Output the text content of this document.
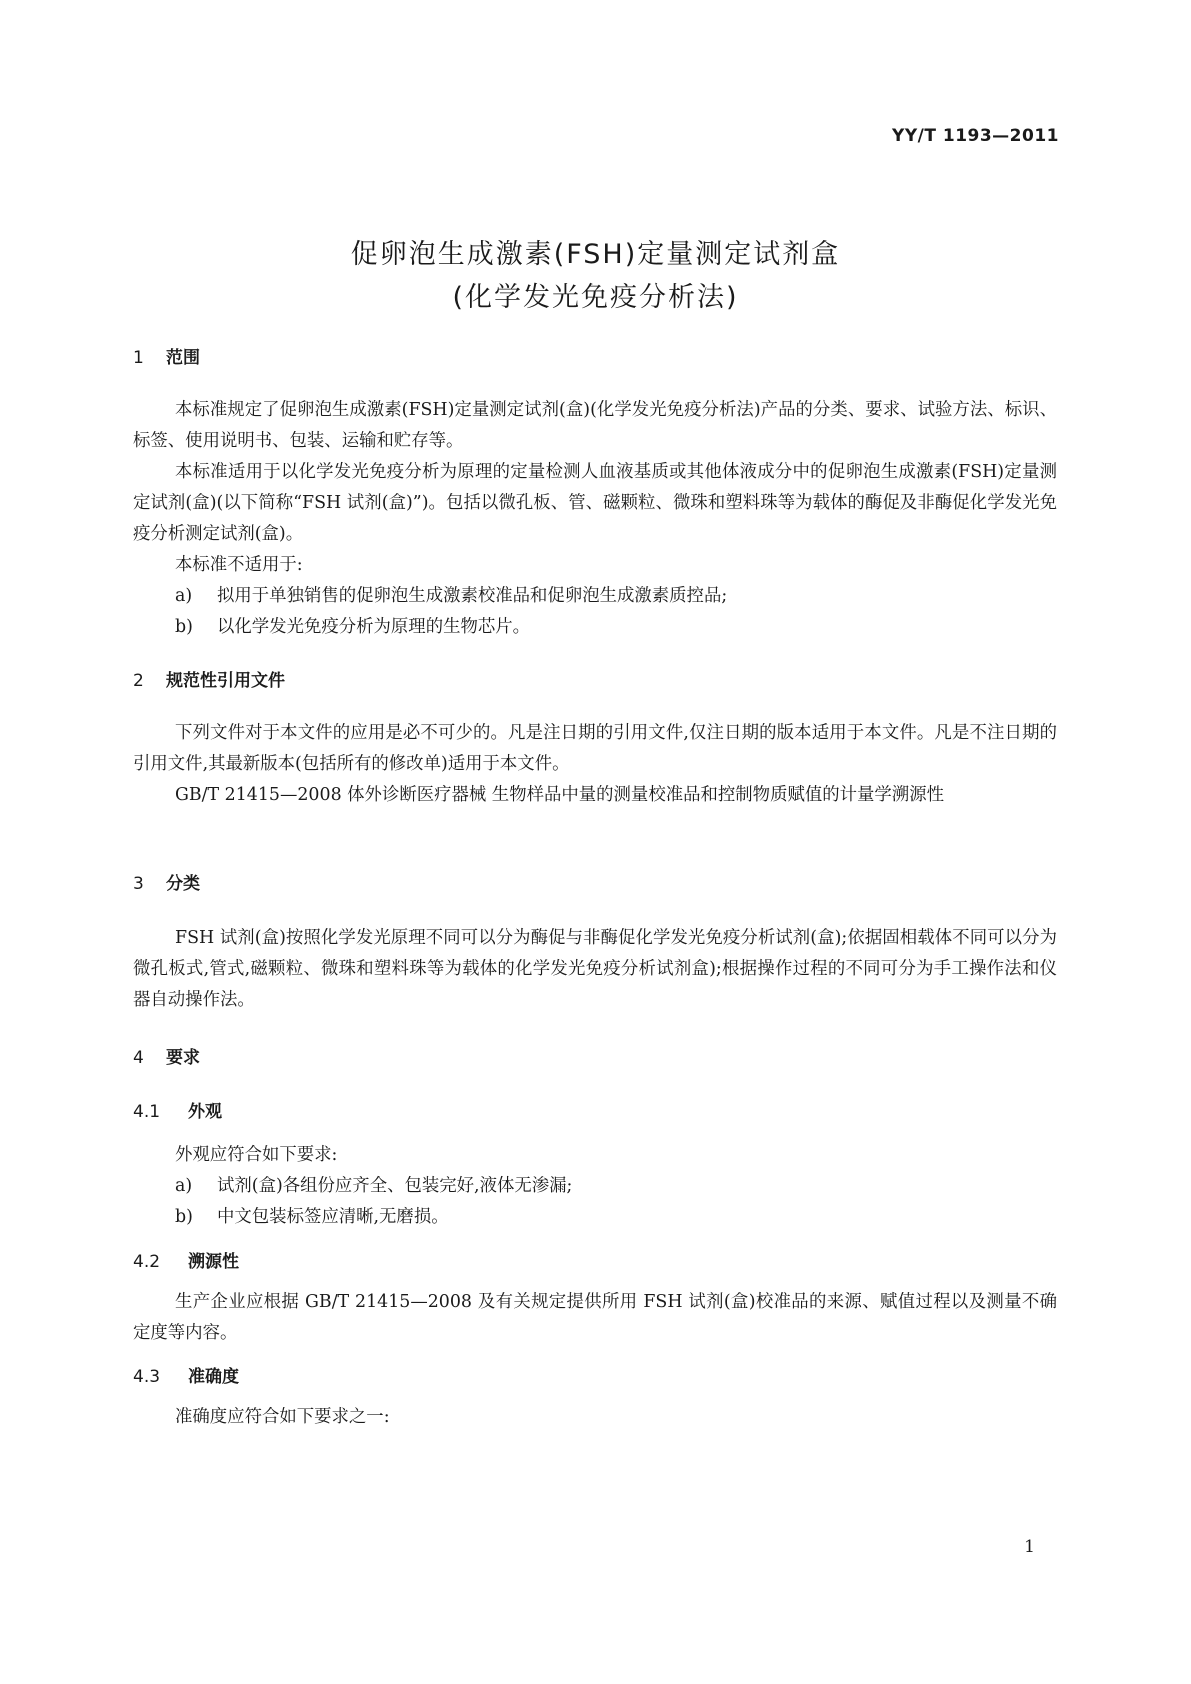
YY/T 1193—2011
促卵泡生成激素(FSH)定量测定试剂盒
(化学发光免疫分析法)
1 范围

本标准规定了促卵泡生成激素(FSH)定量测定试剂(盒)(化学发光免疫分析法)产品的分类、要求、试验方法、标识、标签、使用说明书、包装、运输和贮存等。

本标准适用于以化学发光免疫分析为原理的定量检测人血液基质或其他体液成分中的促卵泡生成激素(FSH)定量测定试剂(盒)(以下简称“FSH 试剂(盒)”)。包括以微孔板、管、磁颗粒、微珠和塑料珠等为载体的酶促及非酶促化学发光免疫分析测定试剂(盒)。

本标准不适用于:

a) 拟用于单独销售的促卵泡生成激素校准品和促卵泡生成激素质控品;
b) 以化学发光免疫分析为原理的生物芯片。
2 规范性引用文件

下列文件对于本文件的应用是必不可少的。凡是注日期的引用文件,仅注日期的版本适用于本文件。凡是不注日期的引用文件,其最新版本(包括所有的修改单)适用于本文件。

GB/T 21415—2008 体外诊断医疗器械 生物样品中量的测量校准品和控制物质赋值的计量学溯源性

3 分类

FSH 试剂(盒)按照化学发光原理不同可以分为酶促与非酶促化学发光免疫分析试剂(盒);依据固相载体不同可以分为微孔板式,管式,磁颗粒、微珠和塑料珠等为载体的化学发光免疫分析试剂盒);根据操作过程的不同可分为手工操作法和仪器自动操作法。

4 要求
4.1 外观

外观应符合如下要求:

a) 试剂(盒)各组份应齐全、包装完好,液体无渗漏;
b) 中文包装标签应清晰,无磨损。
4.2 溯源性

生产企业应根据 GB/T 21415—2008 及有关规定提供所用 FSH 试剂(盒)校准品的来源、赋值过程以及测量不确定度等内容。

4.3 准确度

准确度应符合如下要求之一:

1
